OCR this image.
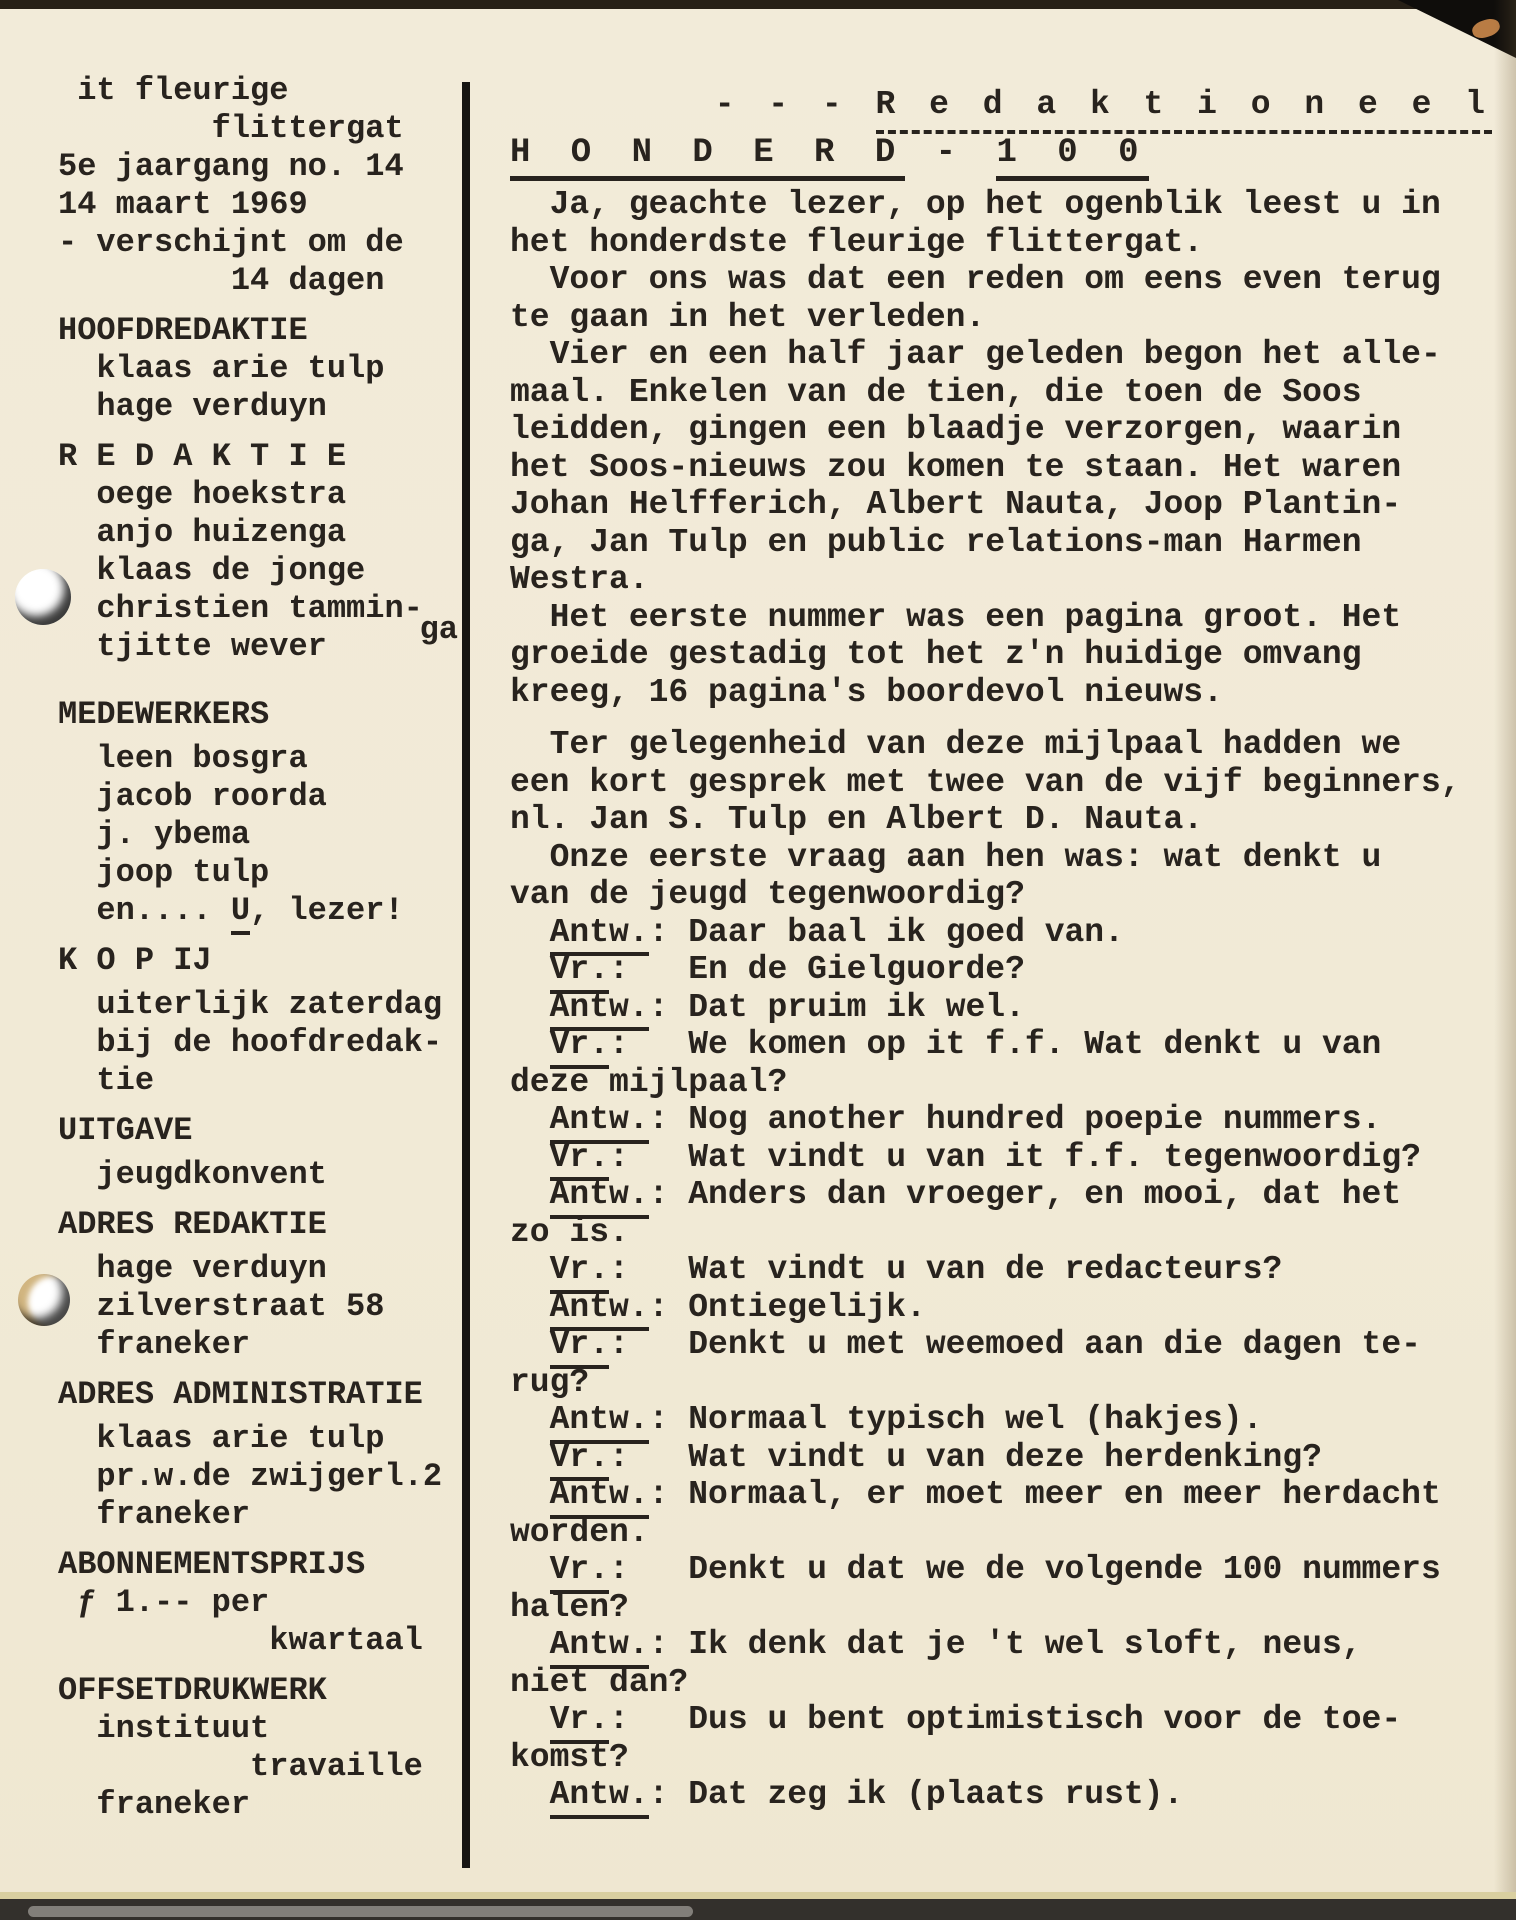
it fleurige
flittergat
5e jaargang no. 14
14 maart 1969
- verschijnt om de
14 dagen
HOOFDREDAKTIE
klaas arie tulp
hage verduyn
R E D A K T I E
oege hoekstra
anjo huizenga
klaas de jonge
christien tammin-
tjitte wever	ga
MEDEWERKERS
leen bosgra
jacob roorda
j. ybema
joop tulp
en.... U, lezer!
K O P IJ
uiterlijk zaterdag
bij de hoofdredak-
tie
UITGAVE
jeugdkonvent
ADRES REDAKTIE
hage verduyn
zilverstraat 58
franeker
ADRES ADMINISTRATIE
klaas arie tulp
pr.w.de zwijgerl.2
franeker
ABONNEMENTSPRIJS
ƒ 1.-- per
kwartaal
OFFSETDRUKWERK
instituut
travaille
franeker
- - - R e d a k t i o n e e l
H O N D E R D - 1 0 0
Ja, geachte lezer, op het ogenblik leest u in
het honderdste fleurige flittergat.
Voor ons was dat een reden om eens even terug
te gaan in het verleden.
Vier en een half jaar geleden begon het alle-
maal. Enkelen van de tien, die toen de Soos
leidden, gingen een blaadje verzorgen, waarin
het Soos-nieuws zou komen te staan. Het waren
Johan Helfferich, Albert Nauta, Joop Plantin-
ga, Jan Tulp en public relations-man Harmen
Westra.
Het eerste nummer was een pagina groot. Het
groeide gestadig tot het z'n huidige omvang
kreeg, 16 pagina's boordevol nieuws.
Ter gelegenheid van deze mijlpaal hadden we
een kort gesprek met twee van de vijf beginners,
nl. Jan S. Tulp en Albert D. Nauta.
Onze eerste vraag aan hen was: wat denkt u
van de jeugd tegenwoordig?
Antw.: Daar baal ik goed van.
Vr.:   En de Gielguorde?
Antw.: Dat pruim ik wel.
Vr.:   We komen op it f.f. Wat denkt u van
deze mijlpaal?
Antw.: Nog another hundred poepie nummers.
Vr.:   Wat vindt u van it f.f. tegenwoordig?
Antw.: Anders dan vroeger, en mooi, dat het
zo is.
Vr.:   Wat vindt u van de redacteurs?
Antw.: Ontiegelijk.
Vr.:   Denkt u met weemoed aan die dagen te-
rug?
Antw.: Normaal typisch wel (hakjes).
Vr.:   Wat vindt u van deze herdenking?
Antw.: Normaal, er moet meer en meer herdacht
worden.
Vr.:   Denkt u dat we de volgende 100 nummers
halen?
Antw.: Ik denk dat je 't wel sloft, neus,
niet dan?
Vr.:   Dus u bent optimistisch voor de toe-
komst?
Antw.: Dat zeg ik (plaats rust).
